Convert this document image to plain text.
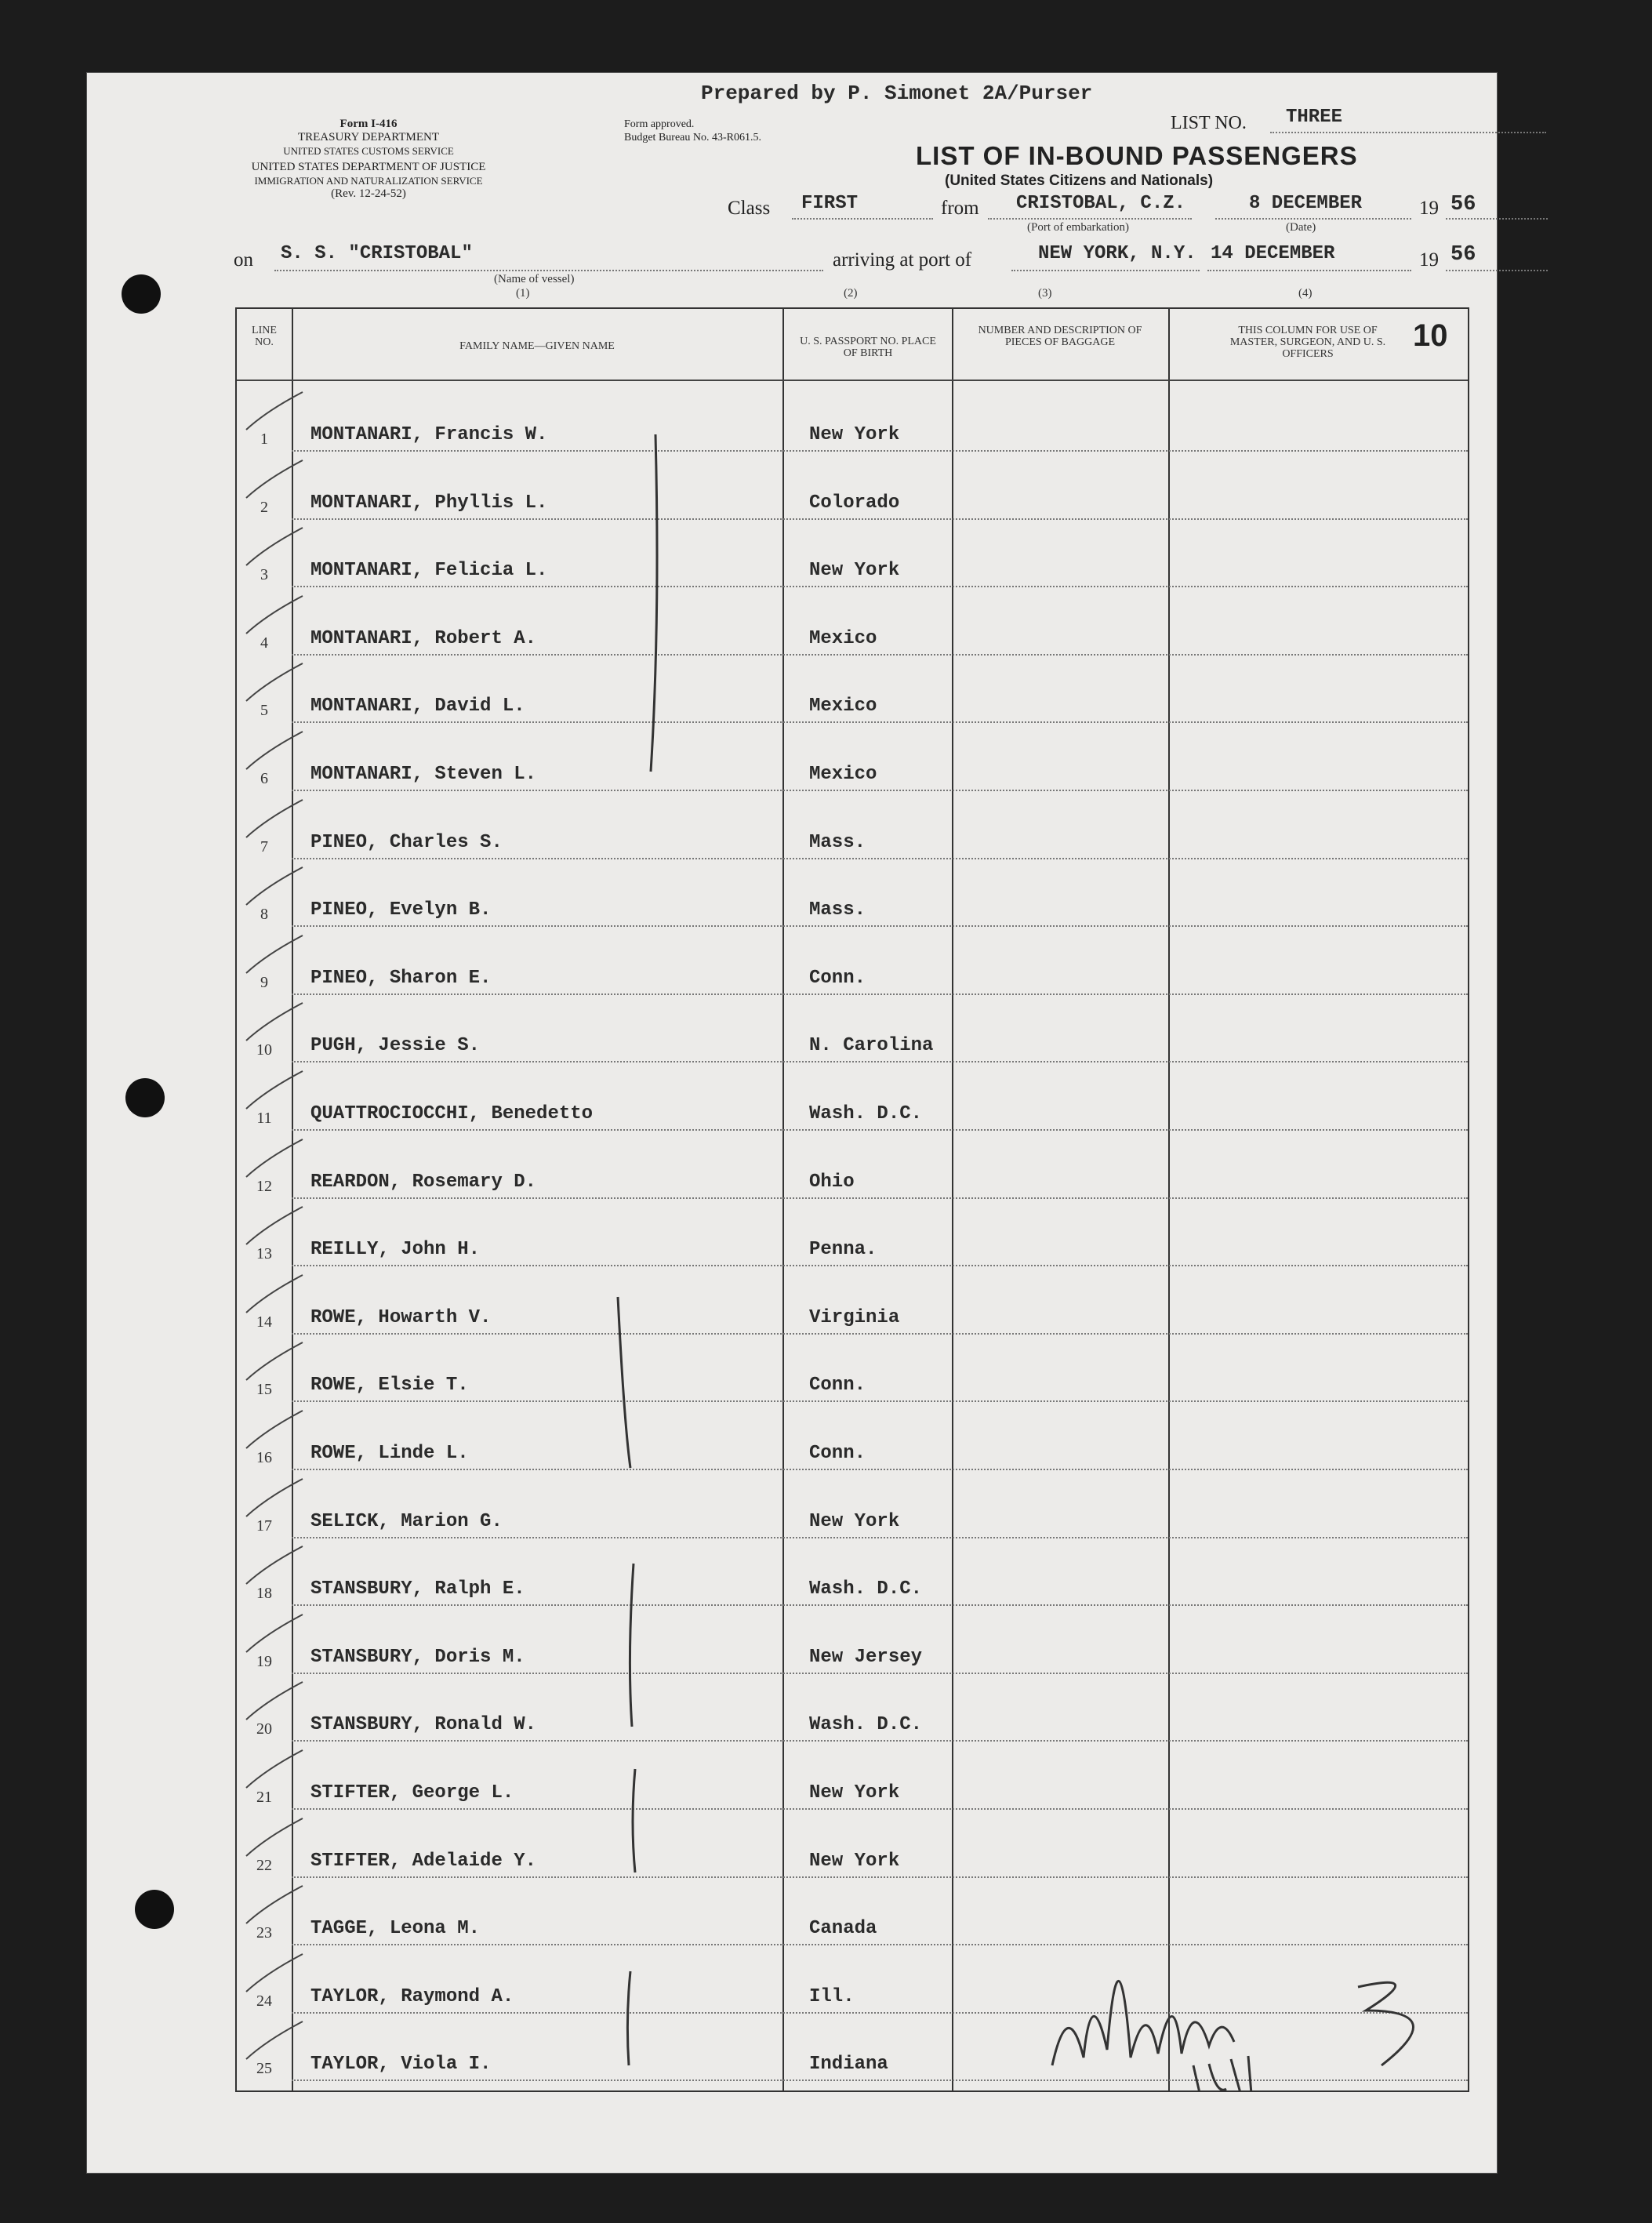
Prepared by P. Simonet 2A/Purser
Form I-416
TREASURY DEPARTMENT
UNITED STATES CUSTOMS SERVICE
UNITED STATES DEPARTMENT OF JUSTICE
IMMIGRATION AND NATURALIZATION SERVICE
(Rev. 12-24-52)
Form approved.
Budget Bureau No. 43-R061.5.
LIST NO. THREE
LIST OF IN-BOUND PASSENGERS
(United States Citizens and Nationals)
Class FIRST	from CRISTOBAL, C.Z.
(Port of embarkation)
8 DECEMBER
(Date)
19 56
on S. S. "CRISTOBAL"
(Name of vessel)
(1)
arriving at port of	NEW YORK, N.Y. 14 DECEMBER	19 56
(2)	(3)	(4)
LINE NO.	FAMILY NAME—GIVEN NAME	U. S. PASSPORT NO. PLACE OF BIRTH
NUMBER AND DESCRIPTION OF PIECES OF BAGGAGE
THIS COLUMN FOR USE OF MASTER, SURGEON, AND U. S. OFFICERS
10
1	MONTANARI, Francis W.	New York
2	MONTANARI, Phyllis L.	Colorado
3	MONTANARI, Felicia L.	New York
4	MONTANARI, Robert A.	Mexico
5	MONTANARI, David L.	Mexico
6	MONTANARI, Steven L.	Mexico
7	PINEO, Charles S.	Mass.
8	PINEO, Evelyn B.	Mass.
9	PINEO, Sharon E.	Conn.
10	PUGH, Jessie S.	N. Carolina
11	QUATTROCIOCCHI, Benedetto	Wash. D.C.
12	REARDON, Rosemary D.	Ohio
13	REILLY, John H.	Penna.
14	ROWE, Howarth V.	Virginia
15	ROWE, Elsie T.	Conn.
16	ROWE, Linde L.	Conn.
17	SELICK, Marion G.	New York
18	STANSBURY, Ralph E.	Wash. D.C.
19	STANSBURY, Doris M.	New Jersey
20	STANSBURY, Ronald W.	Wash. D.C.
21	STIFTER, George L.	New York
22	STIFTER, Adelaide Y.	New York
23	TAGGE, Leona M.	Canada
24	TAYLOR, Raymond A.	Ill.
25	TAYLOR, Viola I.	Indiana
